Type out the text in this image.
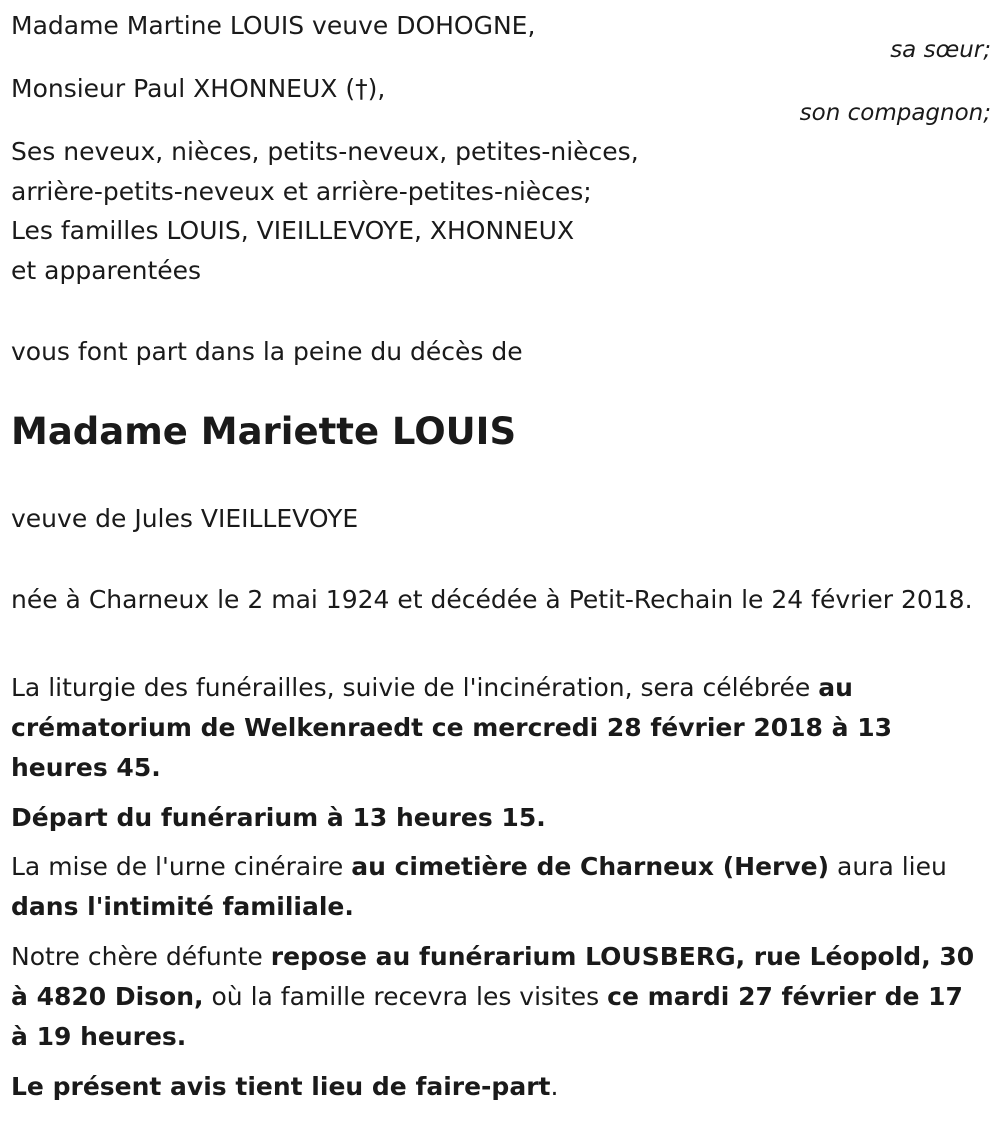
Madame Martine LOUIS veuve DOHOGNE,
sa sœur;
Monsieur Paul XHONNEUX (†),
son compagnon;
Ses neveux, nièces, petits-neveux, petites-nièces,
arrière-petits-neveux et arrière-petites-nièces;
Les familles LOUIS, VIEILLEVOYE, XHONNEUX
et apparentées
vous font part dans la peine du décès de
Madame Mariette LOUIS
veuve de Jules VIEILLEVOYE
née à Charneux le 2 mai 1924 et décédée à Petit-Rechain le 24 février 2018.
La liturgie des funérailles, suivie de l'incinération, sera célébrée au crématorium de Welkenraedt ce mercredi 28 février 2018 à 13 heures 45.
Départ du funérarium à 13 heures 15.
La mise de l'urne cinéraire au cimetière de Charneux (Herve) aura lieu dans l'intimité familiale.
Notre chère défunte repose au funérarium LOUSBERG, rue Léopold, 30 à 4820 Dison, où la famille recevra les visites ce mardi 27 février de 17 à 19 heures.
Le présent avis tient lieu de faire-part.
